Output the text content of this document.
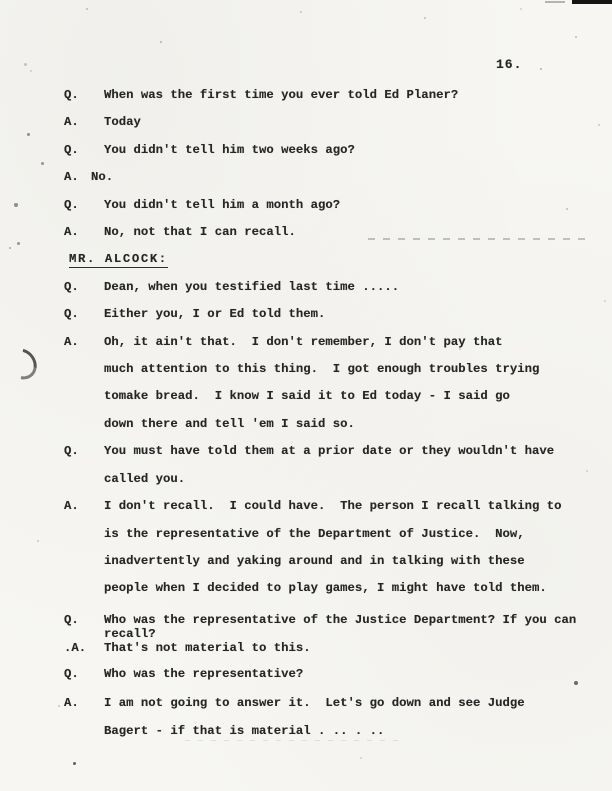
16.
Q. When was the first time you ever told Ed Planer?
A. Today
Q. You didn't tell him two weeks ago?
A. No.
Q. You didn't tell him a month ago?
A. No, not that I can recall.
MR. ALCOCK:
Q. Dean, when you testified last time .....
Q. Either you, I or Ed told them.
A. Oh, it ain't that.  I don't remember, I don't pay that
much attention to this thing.  I got enough troubles trying
tomake bread.  I know I said it to Ed today - I said go
down there and tell 'em I said so.
Q. You must have told them at a prior date or they wouldn't have
called you.
A. I don't recall.  I could have.  The person I recall talking to
is the representative of the Department of Justice.  Now,
inadvertently and yaking around and in talking with these
people when I decided to play games, I might have told them.
Q. Who was the representative of the Justice Department? If you can
recall?
.A. That's not material to this.
Q. Who was the representative?
A. I am not going to answer it.  Let's go down and see Judge
Bagert - if that is material . .. . ..
